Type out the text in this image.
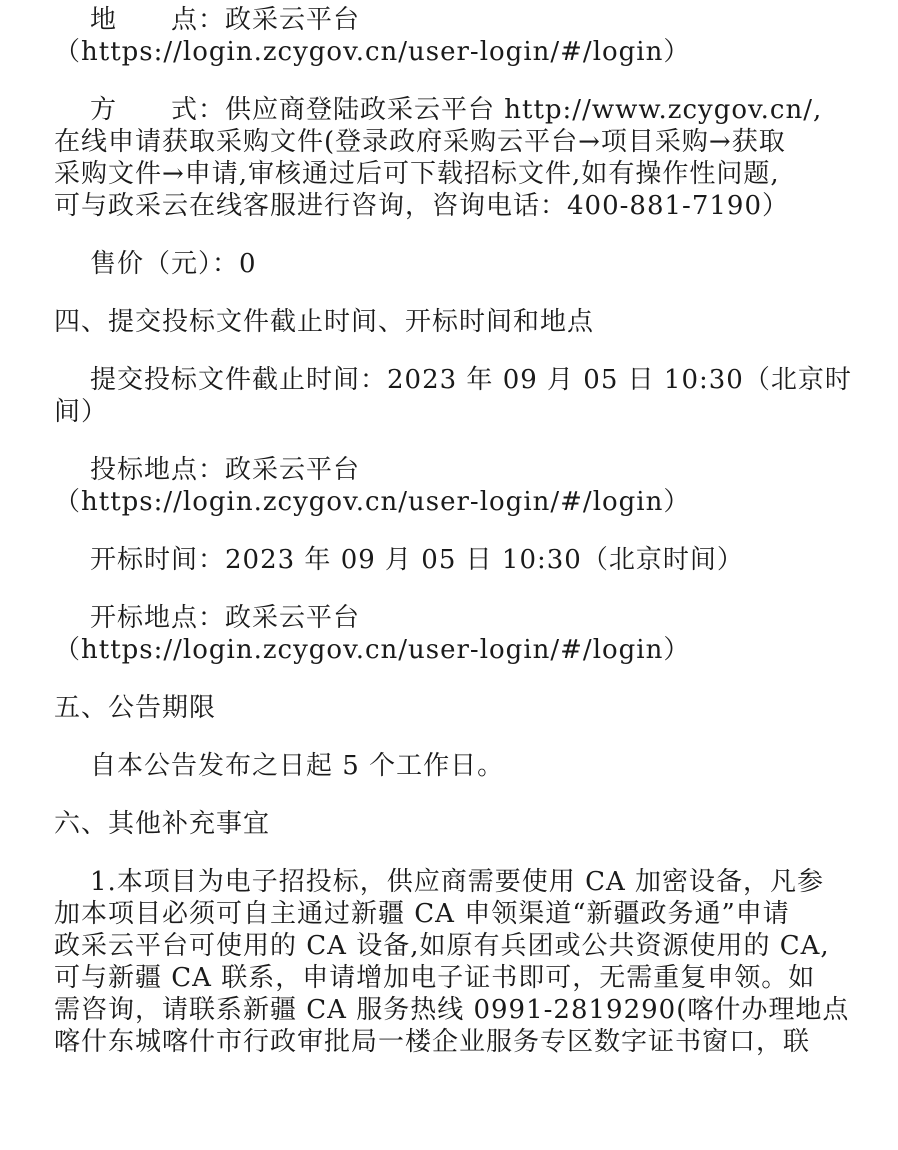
地　　点：政采云平台
（https://login.zcygov.cn/user-login/#/login）
方　　式：供应商登陆政采云平台 http://www.zcygov.cn/,
在线申请获取采购文件(登录政府采购云平台→项目采购→获取
采购文件→申请,审核通过后可下载招标文件,如有操作性问题,
可与政采云在线客服进行咨询，咨询电话：400-881-7190）
售价（元）：0
四、提交投标文件截止时间、开标时间和地点
提交投标文件截止时间：2023 年 09 月 05 日 10:30（北京时
间）
投标地点：政采云平台
（https://login.zcygov.cn/user-login/#/login）
开标时间：2023 年 09 月 05 日 10:30（北京时间）
开标地点：政采云平台
（https://login.zcygov.cn/user-login/#/login）
五、公告期限
自本公告发布之日起 5 个工作日。
六、其他补充事宜
1.本项目为电子招投标，供应商需要使用 CA 加密设备，凡参
加本项目必须可自主通过新疆 CA 申领渠道“新疆政务通”申请
政采云平台可使用的 CA 设备,如原有兵团或公共资源使用的 CA,
可与新疆 CA 联系，申请增加电子证书即可，无需重复申领。如
需咨询，请联系新疆 CA 服务热线 0991-2819290(喀什办理地点
喀什东城喀什市行政审批局一楼企业服务专区数字证书窗口，联
